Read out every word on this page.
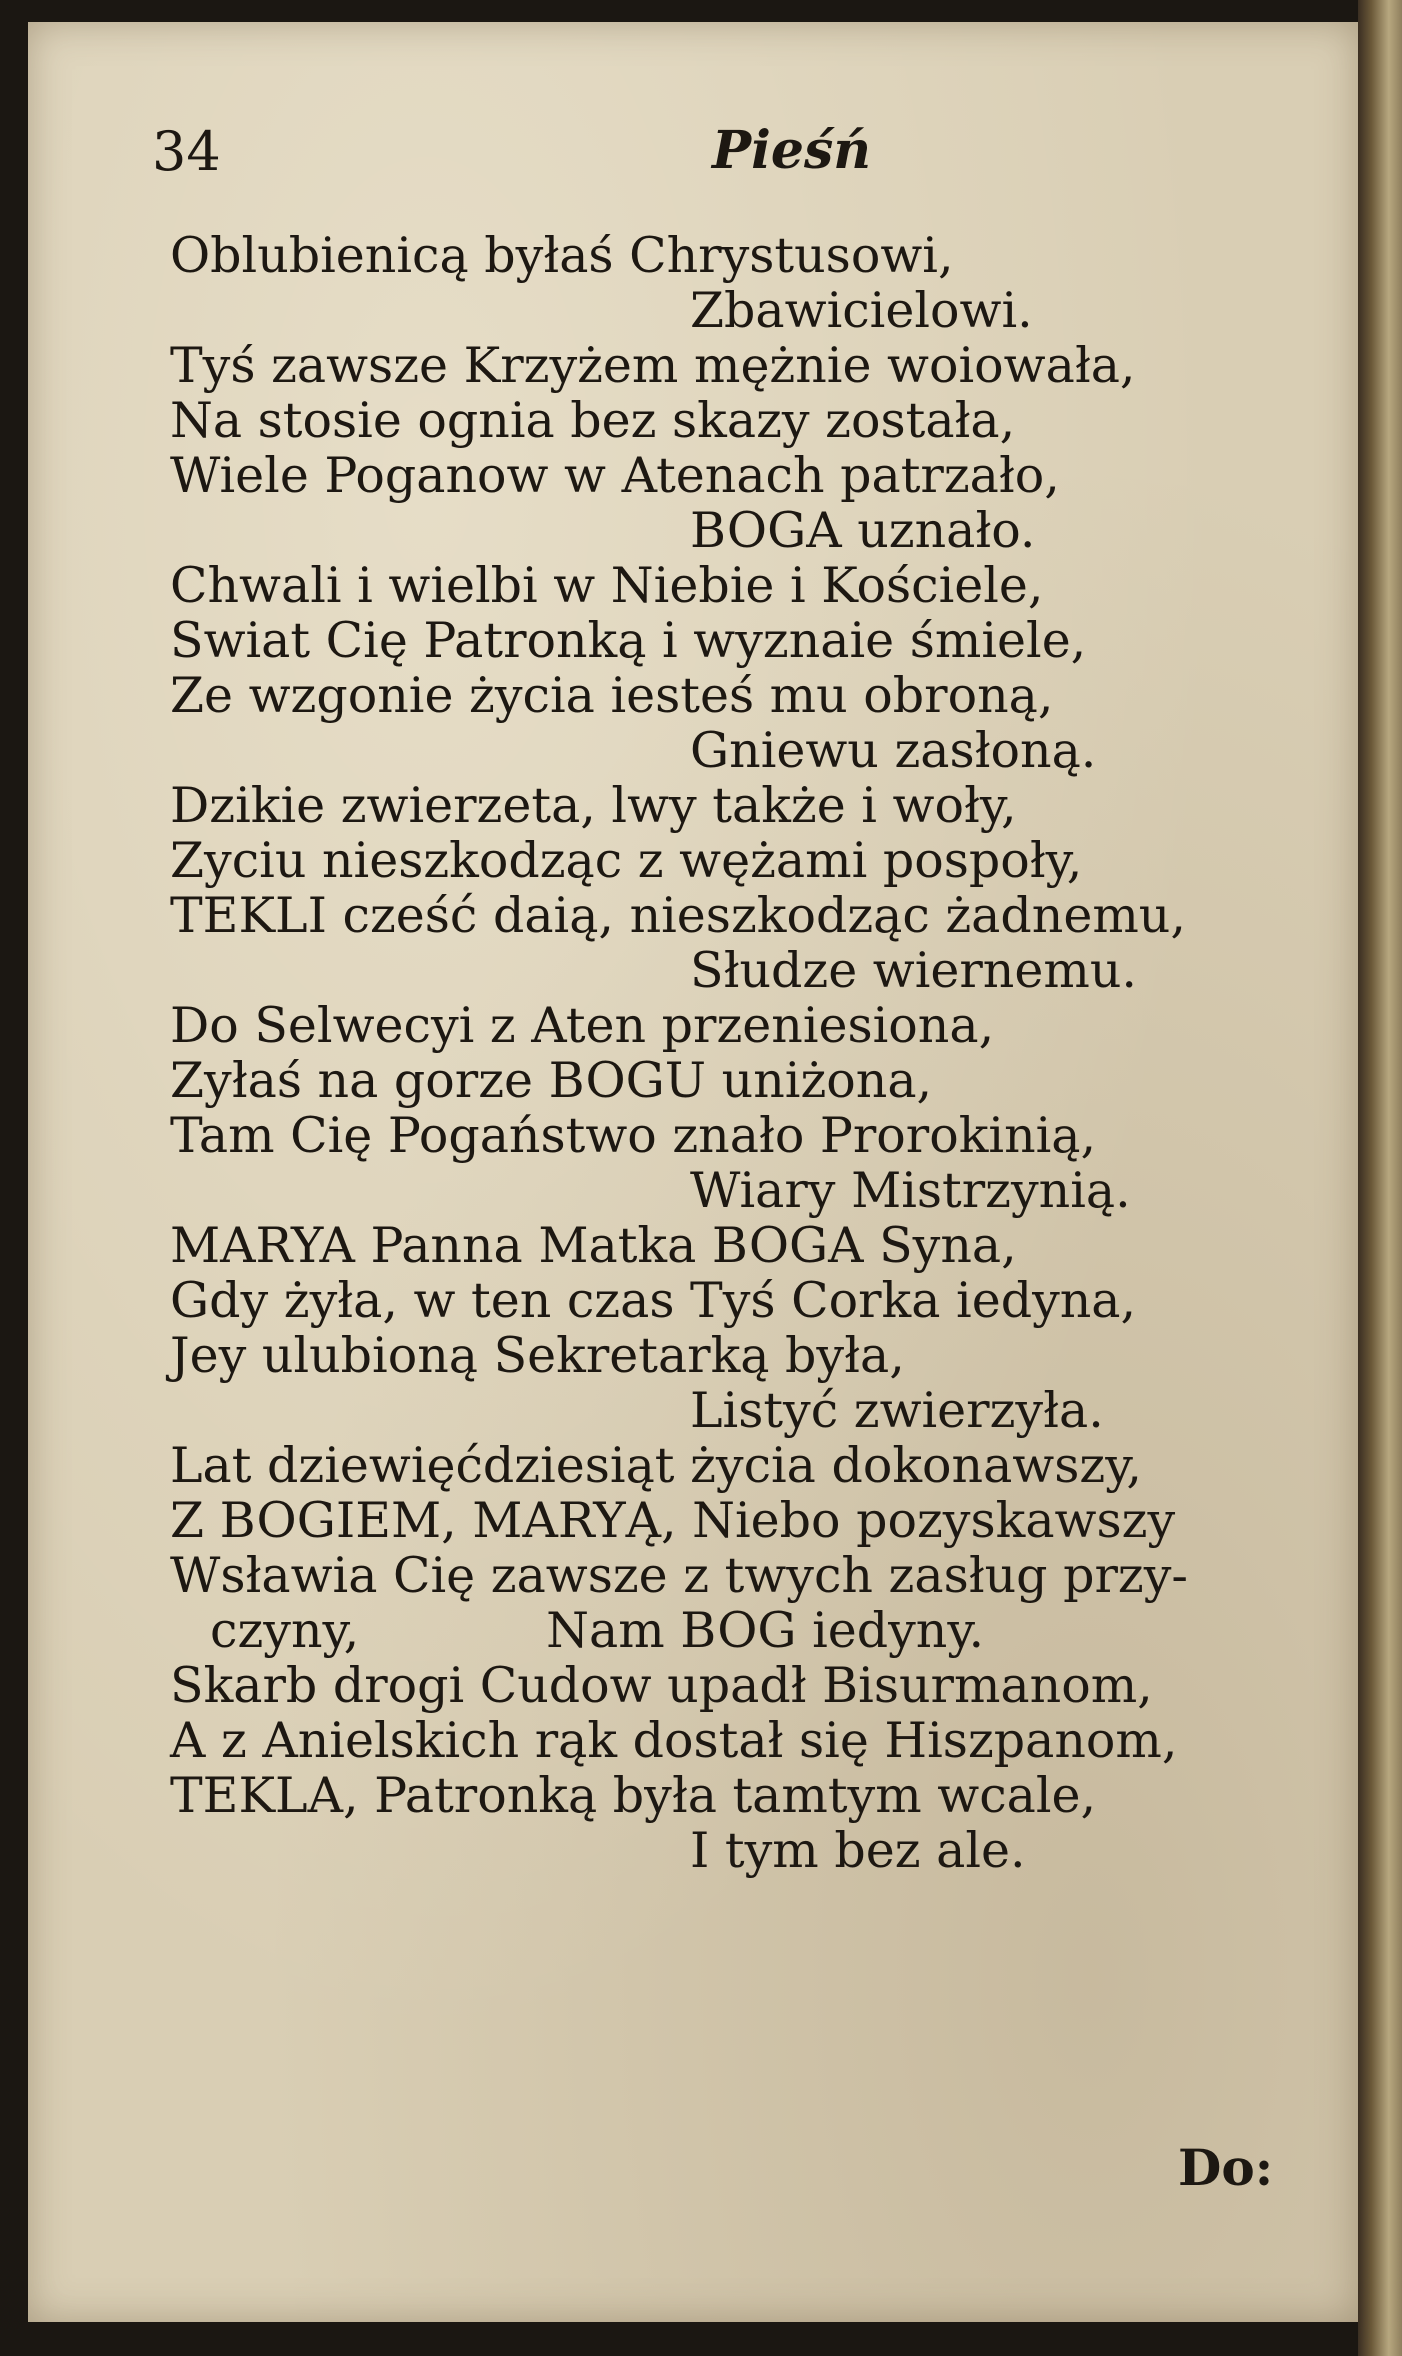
34	Pieśń
Oblubienicą byłaś Chrystusowi,
Zbawicielowi.
Tyś zawsze Krzyżem mężnie woiowała,
Na stosie ognia bez skazy została,
Wiele Poganow w Atenach patrzało,
BOGA uznało.
Chwali i wielbi w Niebie i Kościele,
Swiat Cię Patronką i wyznaie śmiele,
Ze wzgonie życia iesteś mu obroną,
Gniewu zasłoną.
Dzikie zwierzeta, lwy także i woły,
Zyciu nieszkodząc z wężami pospoły,
TEKLI cześć daią, nieszkodząc żadnemu,
Słudze wiernemu.
Do Selwecyi z Aten przeniesiona,
Zyłaś na gorze BOGU uniżona,
Tam Cię Pogaństwo znało Prorokinią,
Wiary Mistrzynią.
MARYA Panna Matka BOGA Syna,
Gdy żyła, w ten czas Tyś Corka iedyna,
Jey ulubioną Sekretarką była,
Listyć zwierzyła.
Lat dziewięćdziesiąt życia dokonawszy,
Z BOGIEM, MARYĄ, Niebo pozyskawszy
Wsławia Cię zawsze z twych zasług przy-
czyny,            Nam BOG iedyny.
Skarb drogi Cudow upadł Bisurmanom,
A z Anielskich rąk dostał się Hiszpanom,
TEKLA, Patronką była tamtym wcale,
I tym bez ale.
Do:
